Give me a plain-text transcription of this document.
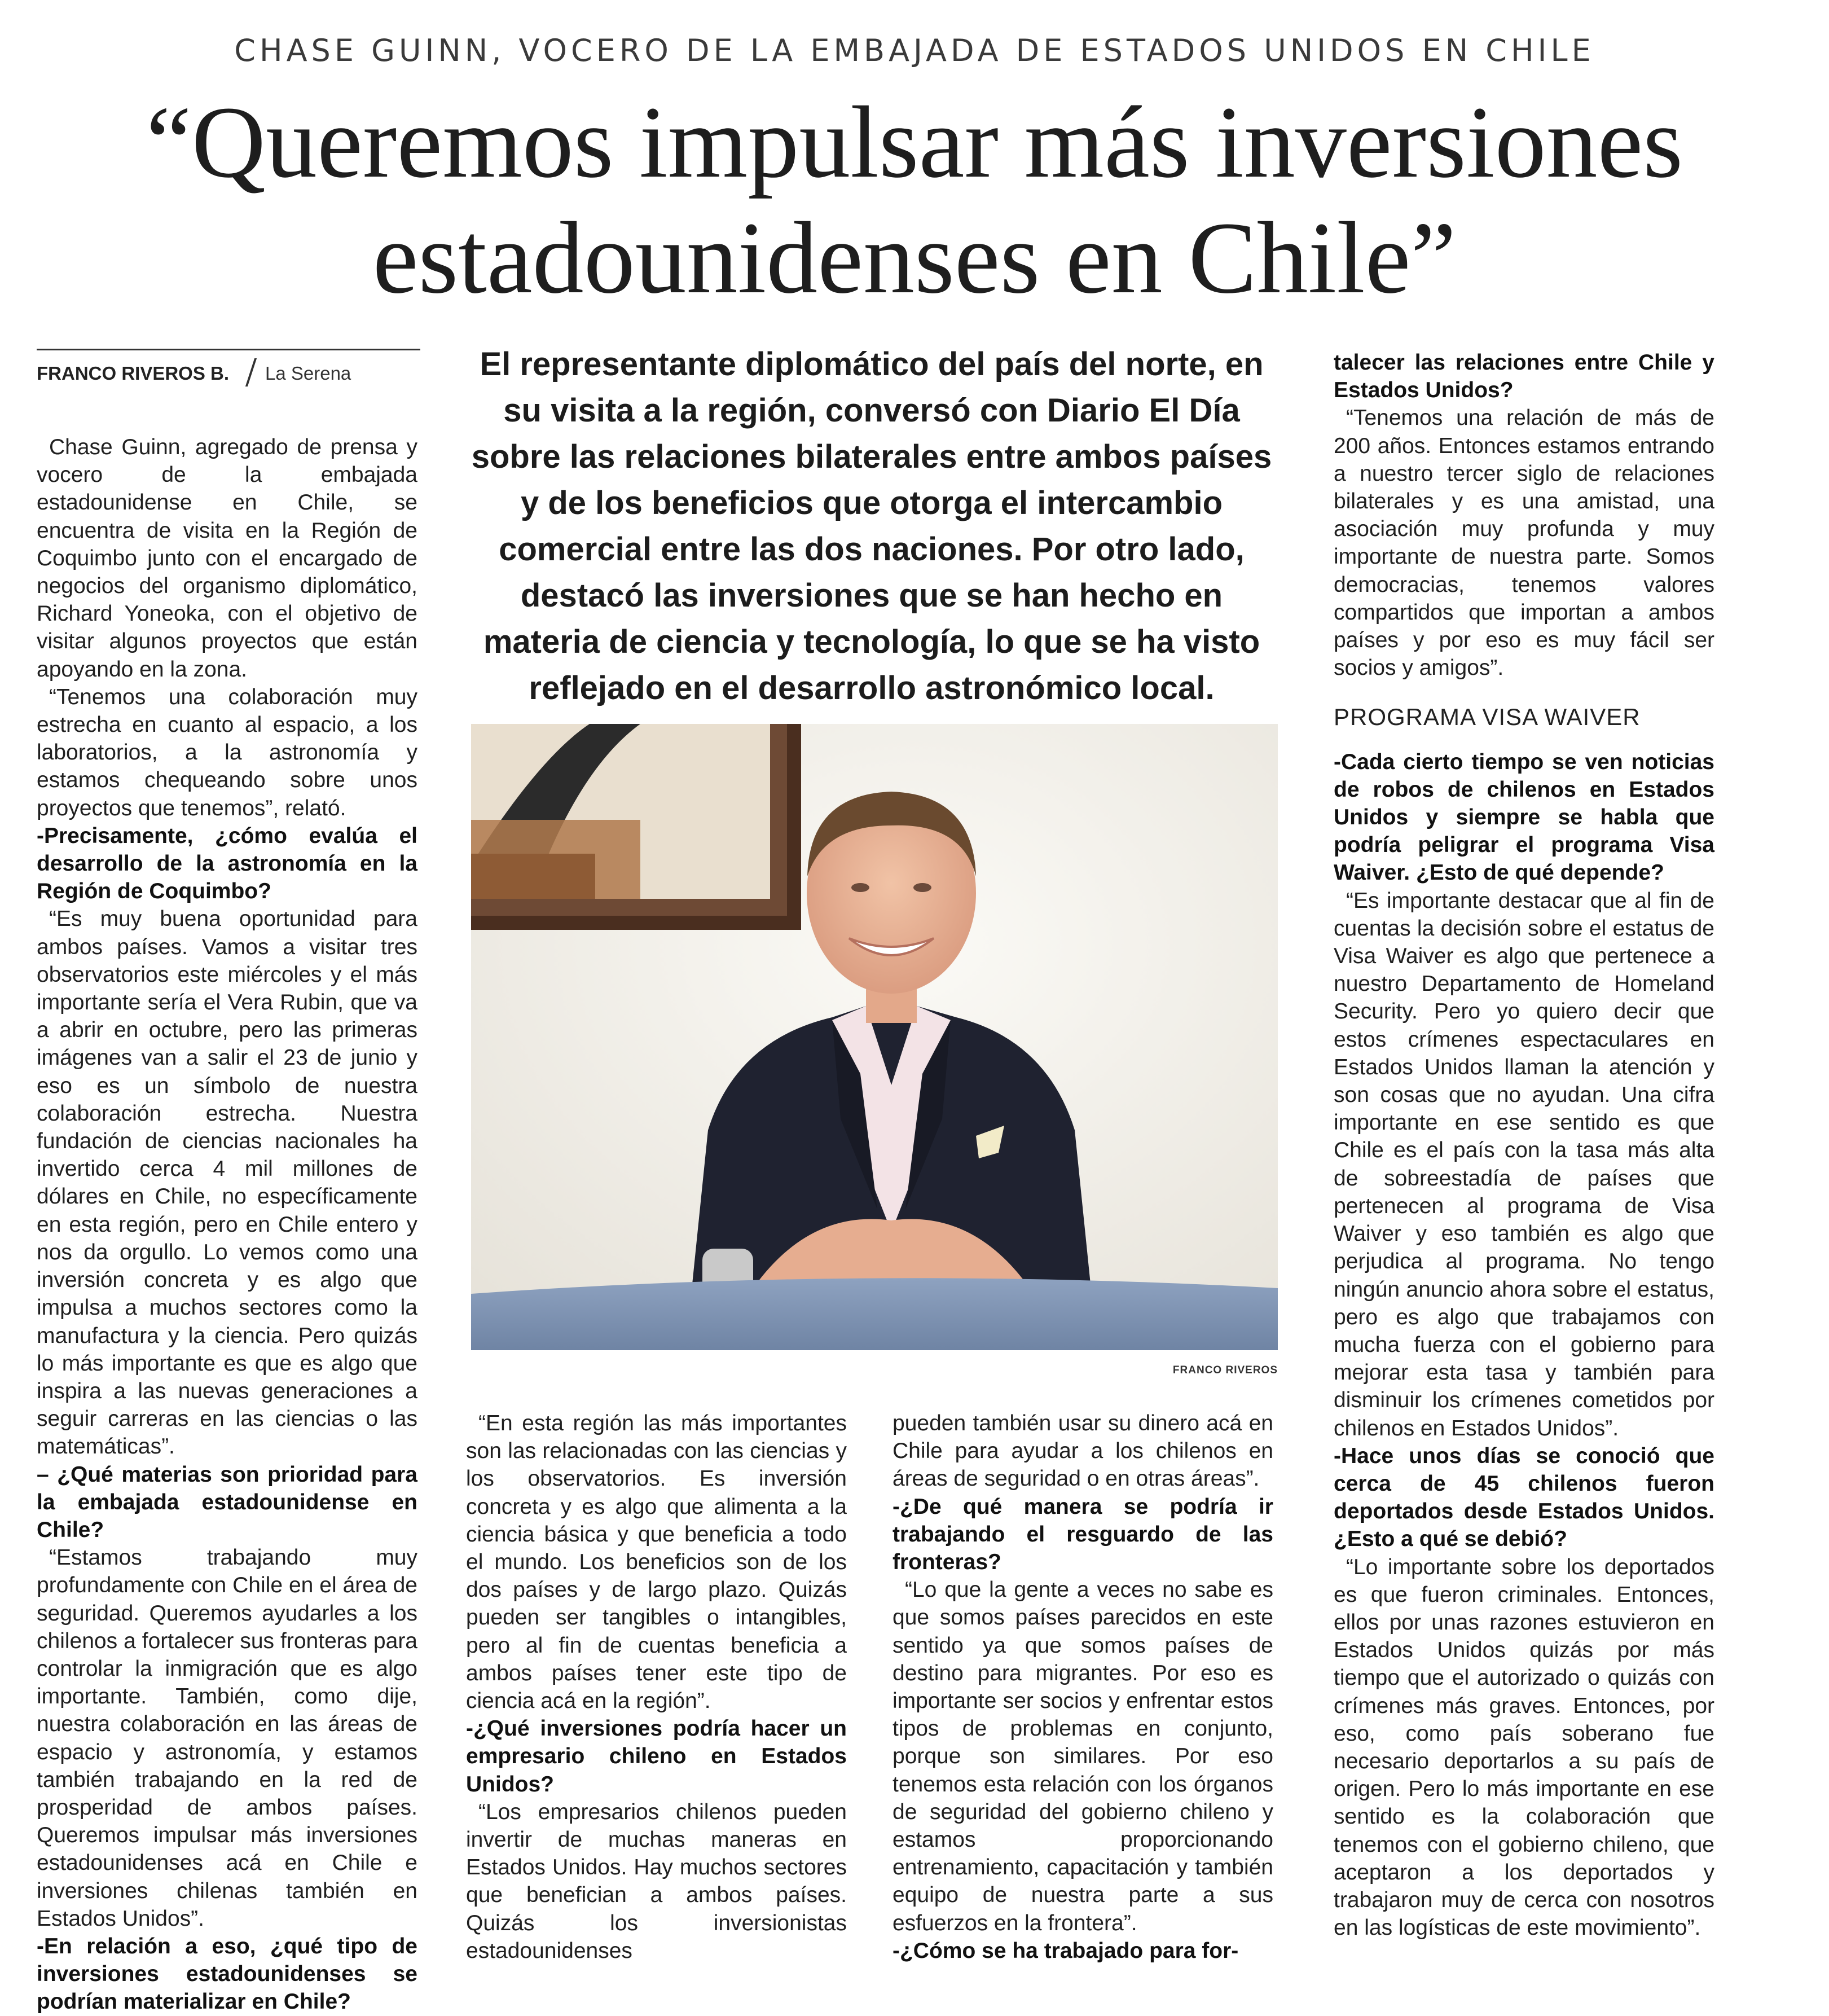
CHASE GUINN, VOCERO DE LA EMBAJADA DE ESTADOS UNIDOS EN CHILE
“Queremos impulsar más inversiones
estadounidenses en Chile”
FRANCO RIVEROS B. La Serena

Chase Guinn, agregado de prensa y vocero de la embajada estadounidense en Chile, se encuentra de visita en la Región de Coquimbo junto con el encargado de negocios del organismo diplomático, Richard Yoneoka, con el objetivo de visitar algunos proyectos que están apoyando en la zona.

“Tenemos una colaboración muy estrecha en cuanto al espacio, a los laboratorios, a la astronomía y estamos chequeando sobre unos proyectos que tenemos”, relató.

-Precisamente, ¿cómo evalúa el desarrollo de la astronomía en la Región de Coquimbo?

“Es muy buena oportunidad para ambos países. Vamos a visitar tres observatorios este miércoles y el más importante sería el Vera Rubin, que va a abrir en octubre, pero las primeras imágenes van a salir el 23 de junio y eso es un símbolo de nuestra colaboración estrecha. Nuestra fundación de ciencias nacionales ha invertido cerca 4 mil millones de dólares en Chile, no específicamente en esta región, pero en Chile entero y nos da orgullo. Lo vemos como una inversión concreta y es algo que impulsa a muchos sectores como la manufactura y la ciencia. Pero quizás lo más importante es que es algo que inspira a las nuevas generaciones a seguir carreras en las ciencias o las matemáticas”.

– ¿Qué materias son prioridad para la embajada estadounidense en Chile?

“Estamos trabajando muy profundamente con Chile en el área de seguridad. Queremos ayudarles a los chilenos a fortalecer sus fronteras para controlar la inmigración que es algo importante. También, como dije, nuestra colaboración en las áreas de espacio y astronomía, y estamos también trabajando en la red de prosperidad de ambos países. Queremos impulsar más inversiones estadounidenses acá en Chile e inversiones chilenas también en Estados Unidos”.

-En relación a eso, ¿qué tipo de inversiones estadounidenses se podrían materializar en Chile?

El representante diplomático del país del norte, en su visita a la región, conversó con Diario El Día sobre las relaciones bilaterales entre ambos países y de los beneficios que otorga el intercambio comercial entre las dos naciones. Por otro lado, destacó las inversiones que se han hecho en materia de ciencia y tecnología, lo que se ha visto reflejado en el desarrollo astronómico local.

FRANCO RIVEROS

“En esta región las más importantes son las relacionadas con las ciencias y los observatorios. Es inversión concreta y es algo que alimenta a la ciencia básica y que beneficia a todo el mundo. Los beneficios son de los dos países y de largo plazo. Quizás pueden ser tangibles o intangibles, pero al fin de cuentas beneficia a ambos países tener este tipo de ciencia acá en la región”.

-¿Qué inversiones podría hacer un empresario chileno en Estados Unidos?

“Los empresarios chilenos pueden invertir de muchas maneras en Estados Unidos. Hay muchos sectores que benefician a ambos países. Quizás los inversionistas estadounidenses

pueden también usar su dinero acá en Chile para ayudar a los chilenos en áreas de seguridad o en otras áreas”.

-¿De qué manera se podría ir trabajando el resguardo de las fronteras?

“Lo que la gente a veces no sabe es que somos países parecidos en este sentido ya que somos países de destino para migrantes. Por eso es importante ser socios y enfrentar estos tipos de problemas en conjunto, porque son similares. Por eso tenemos esta relación con los órganos de seguridad del gobierno chileno y estamos proporcionando entrenamiento, capacitación y también equipo de nuestra parte a sus esfuerzos en la frontera”.

-¿Cómo se ha trabajado para for-

talecer las relaciones entre Chile y Estados Unidos?

“Tenemos una relación de más de 200 años. Entonces estamos entrando a nuestro tercer siglo de relaciones bilaterales y es una amistad, una asociación muy profunda y muy importante de nuestra parte. Somos democracias, tenemos valores compartidos que importan a ambos países y por eso es muy fácil ser socios y amigos”.

PROGRAMA VISA WAIVER

-Cada cierto tiempo se ven noticias de robos de chilenos en Estados Unidos y siempre se habla que podría peligrar el programa Visa Waiver. ¿Esto de qué depende?

“Es importante destacar que al fin de cuentas la decisión sobre el estatus de Visa Waiver es algo que pertenece a nuestro Departamento de Homeland Security. Pero yo quiero decir que estos crímenes espectaculares en Estados Unidos llaman la atención y son cosas que no ayudan. Una cifra importante en ese sentido es que Chile es el país con la tasa más alta de sobreestadía de países que pertenecen al programa de Visa Waiver y eso también es algo que perjudica al programa. No tengo ningún anuncio ahora sobre el estatus, pero es algo que trabajamos con mucha fuerza con el gobierno para mejorar esta tasa y también para disminuir los crímenes cometidos por chilenos en Estados Unidos”.

-Hace unos días se conoció que cerca de 45 chilenos fueron deportados desde Estados Unidos. ¿Esto a qué se debió?

“Lo importante sobre los deportados es que fueron criminales. Entonces, ellos por unas razones estuvieron en Estados Unidos quizás por más tiempo que el autorizado o quizás con crímenes más graves. Entonces, por eso, como país soberano fue necesario deportarlos a su país de origen. Pero lo más importante en ese sentido es la colaboración que tenemos con el gobierno chileno, que aceptaron a los deportados y trabajaron muy de cerca con nosotros en las logísticas de este movimiento”.
